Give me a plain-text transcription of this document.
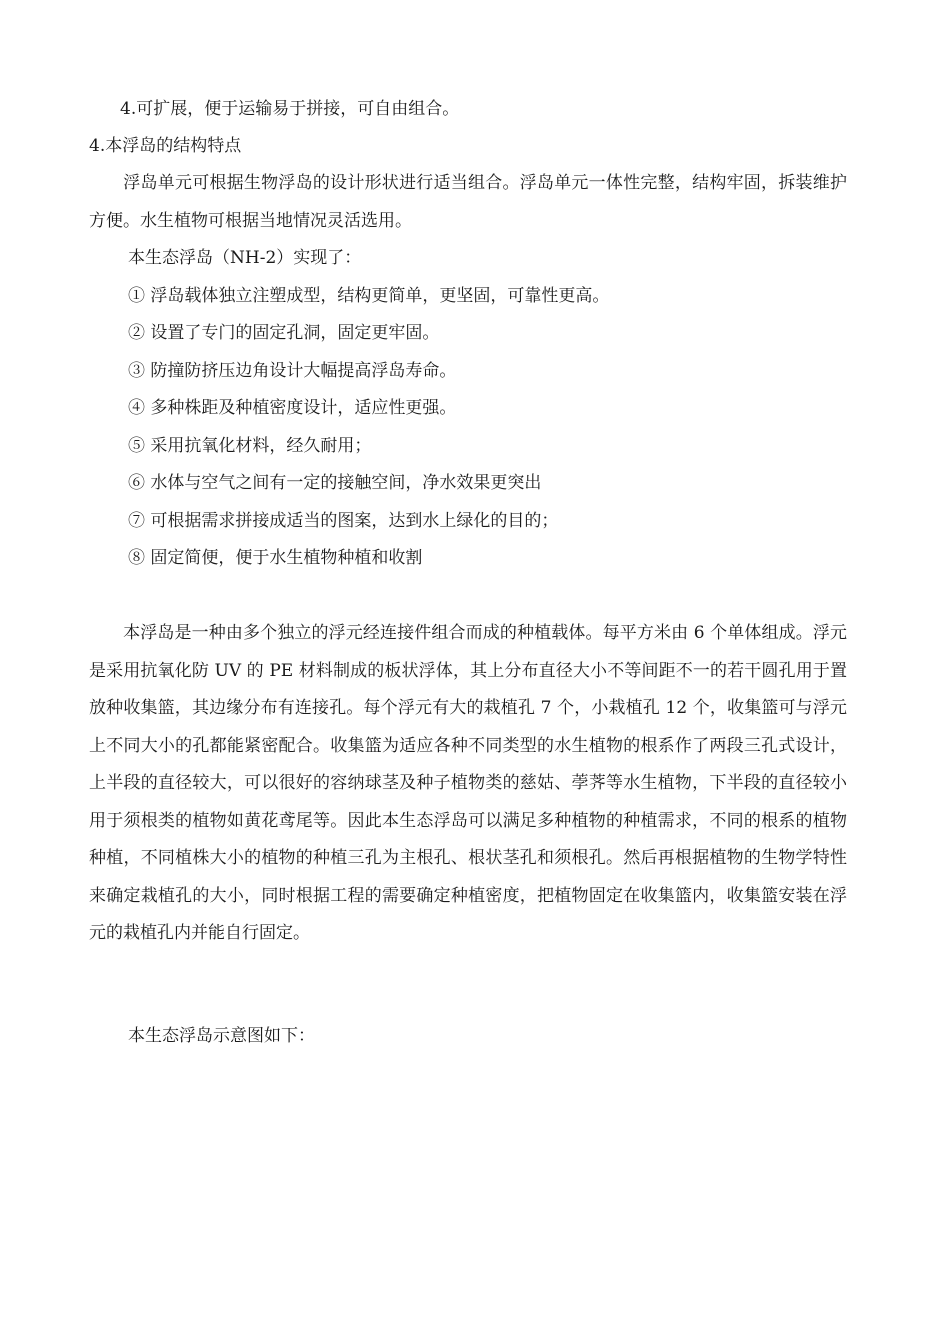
4.可扩展，便于运输易于拼接，可自由组合。

4.本浮岛的结构特点

浮岛单元可根据生物浮岛的设计形状进行适当组合。浮岛单元一体性完整，结构牢固，拆装维护方便。水生植物可根据当地情况灵活选用。

本生态浮岛（NH-2）实现了：

① 浮岛载体独立注塑成型，结构更简单，更坚固，可靠性更高。

② 设置了专门的固定孔洞，固定更牢固。

③ 防撞防挤压边角设计大幅提高浮岛寿命。

④ 多种株距及种植密度设计，适应性更强。

⑤ 采用抗氧化材料，经久耐用；

⑥ 水体与空气之间有一定的接触空间，净水效果更突出

⑦ 可根据需求拼接成适当的图案，达到水上绿化的目的；

⑧ 固定简便，便于水生植物种植和收割

本浮岛是一种由多个独立的浮元经连接件组合而成的种植载体。每平方米由 6 个单体组成。浮元是采用抗氧化防 UV 的 PE 材料制成的板状浮体，其上分布直径大小不等间距不一的若干圆孔用于置放种收集篮，其边缘分布有连接孔。每个浮元有大的栽植孔 7 个，小栽植孔 12 个，收集篮可与浮元上不同大小的孔都能紧密配合。收集篮为适应各种不同类型的水生植物的根系作了两段三孔式设计，上半段的直径较大，可以很好的容纳球茎及种子植物类的慈姑、荸荠等水生植物，下半段的直径较小用于须根类的植物如黄花鸢尾等。因此本生态浮岛可以满足多种植物的种植需求，不同的根系的植物种植，不同植株大小的植物的种植三孔为主根孔、根状茎孔和须根孔。然后再根据植物的生物学特性来确定栽植孔的大小，同时根据工程的需要确定种植密度，把植物固定在收集篮内，收集篮安装在浮元的栽植孔内并能自行固定。

本生态浮岛示意图如下：
